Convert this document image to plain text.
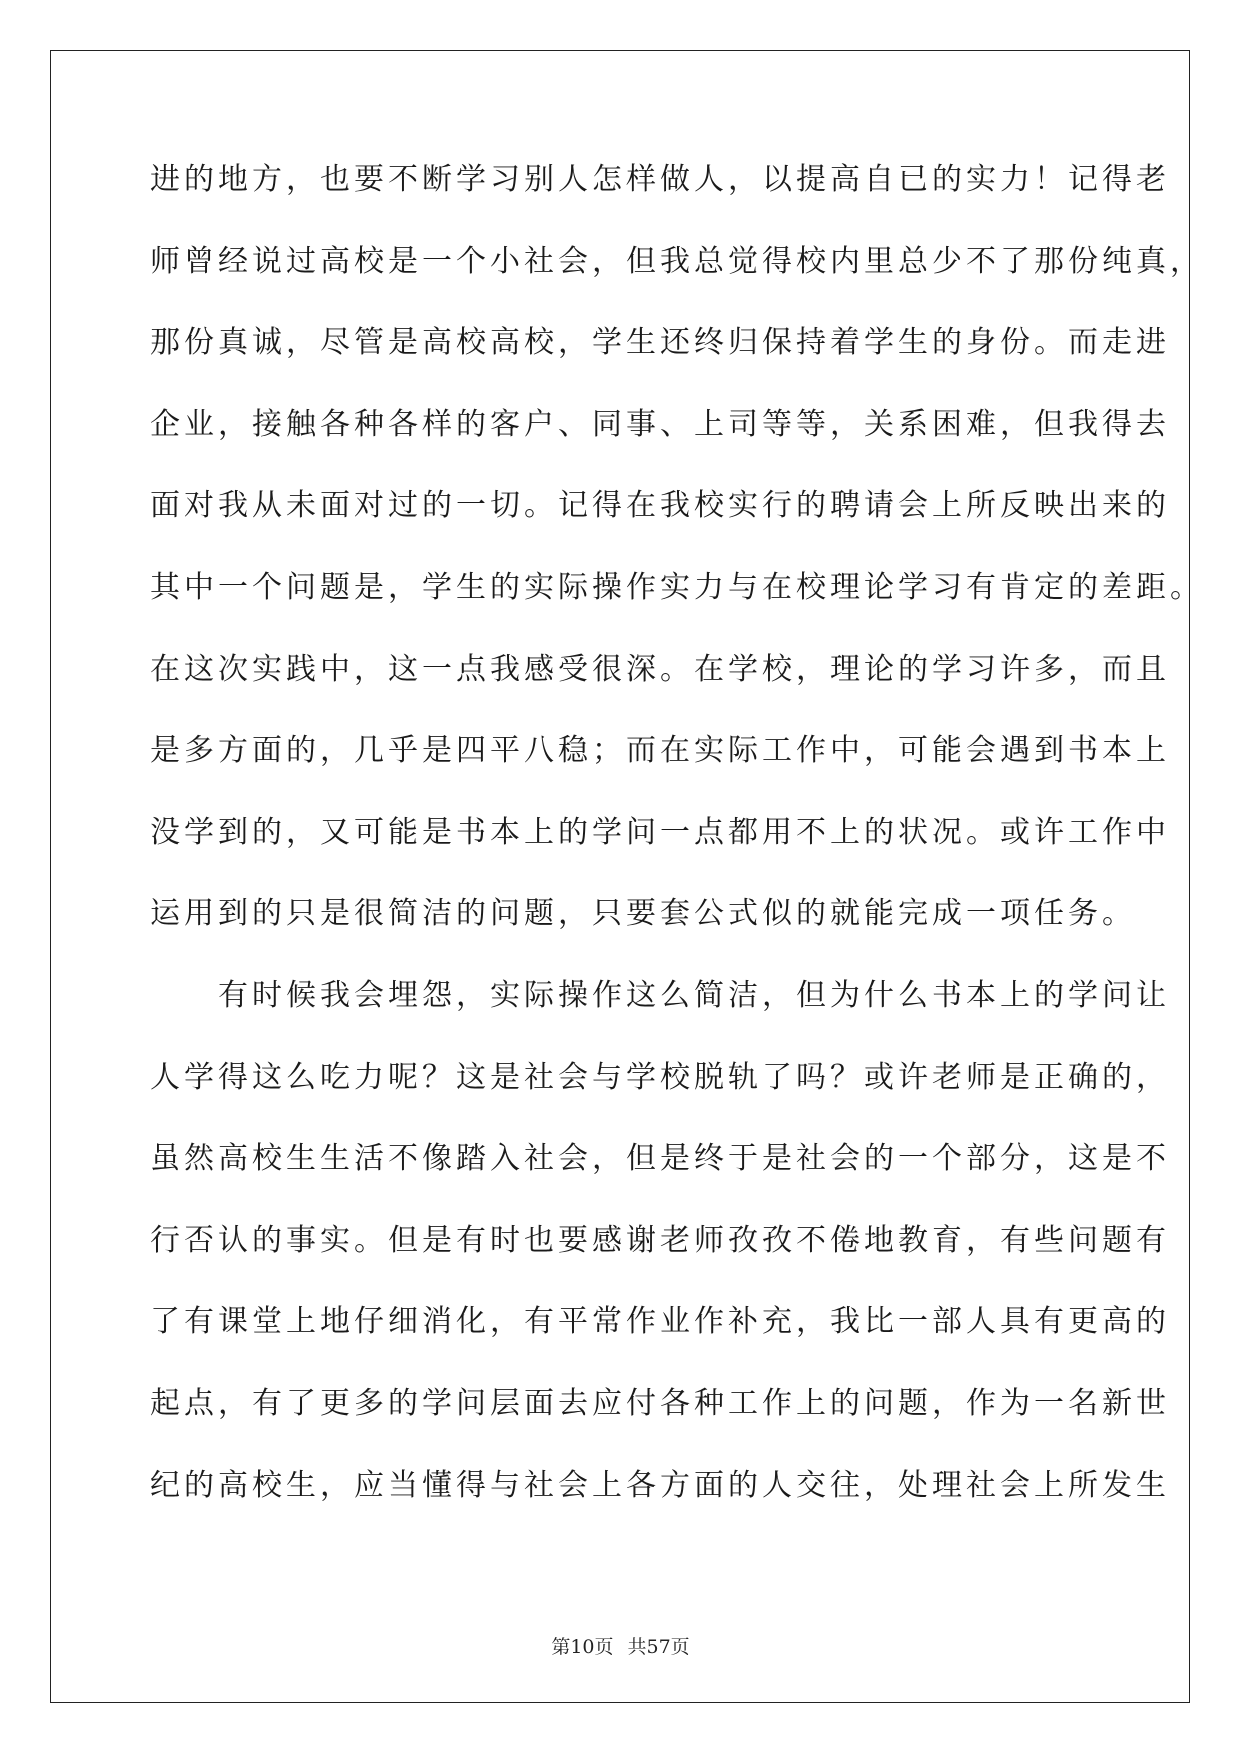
进的地方，也要不断学习别人怎样做人，以提高自已的实力！记得老
师曾经说过高校是一个小社会，但我总觉得校内里总少不了那份纯真，
那份真诚，尽管是高校高校，学生还终归保持着学生的身份。而走进
企业，接触各种各样的客户、同事、上司等等，关系困难，但我得去
面对我从未面对过的一切。记得在我校实行的聘请会上所反映出来的
其中一个问题是，学生的实际操作实力与在校理论学习有肯定的差距。
在这次实践中，这一点我感受很深。在学校，理论的学习许多，而且
是多方面的，几乎是四平八稳；而在实际工作中，可能会遇到书本上
没学到的，又可能是书本上的学问一点都用不上的状况。或许工作中
运用到的只是很简洁的问题，只要套公式似的就能完成一项任务。
　　有时候我会埋怨，实际操作这么简洁，但为什么书本上的学问让
人学得这么吃力呢？这是社会与学校脱轨了吗？或许老师是正确的，
虽然高校生生活不像踏入社会，但是终于是社会的一个部分，这是不
行否认的事实。但是有时也要感谢老师孜孜不倦地教育，有些问题有
了有课堂上地仔细消化，有平常作业作补充，我比一部人具有更高的
起点，有了更多的学问层面去应付各种工作上的问题，作为一名新世
纪的高校生，应当懂得与社会上各方面的人交往，处理社会上所发生
第10页 共57页
